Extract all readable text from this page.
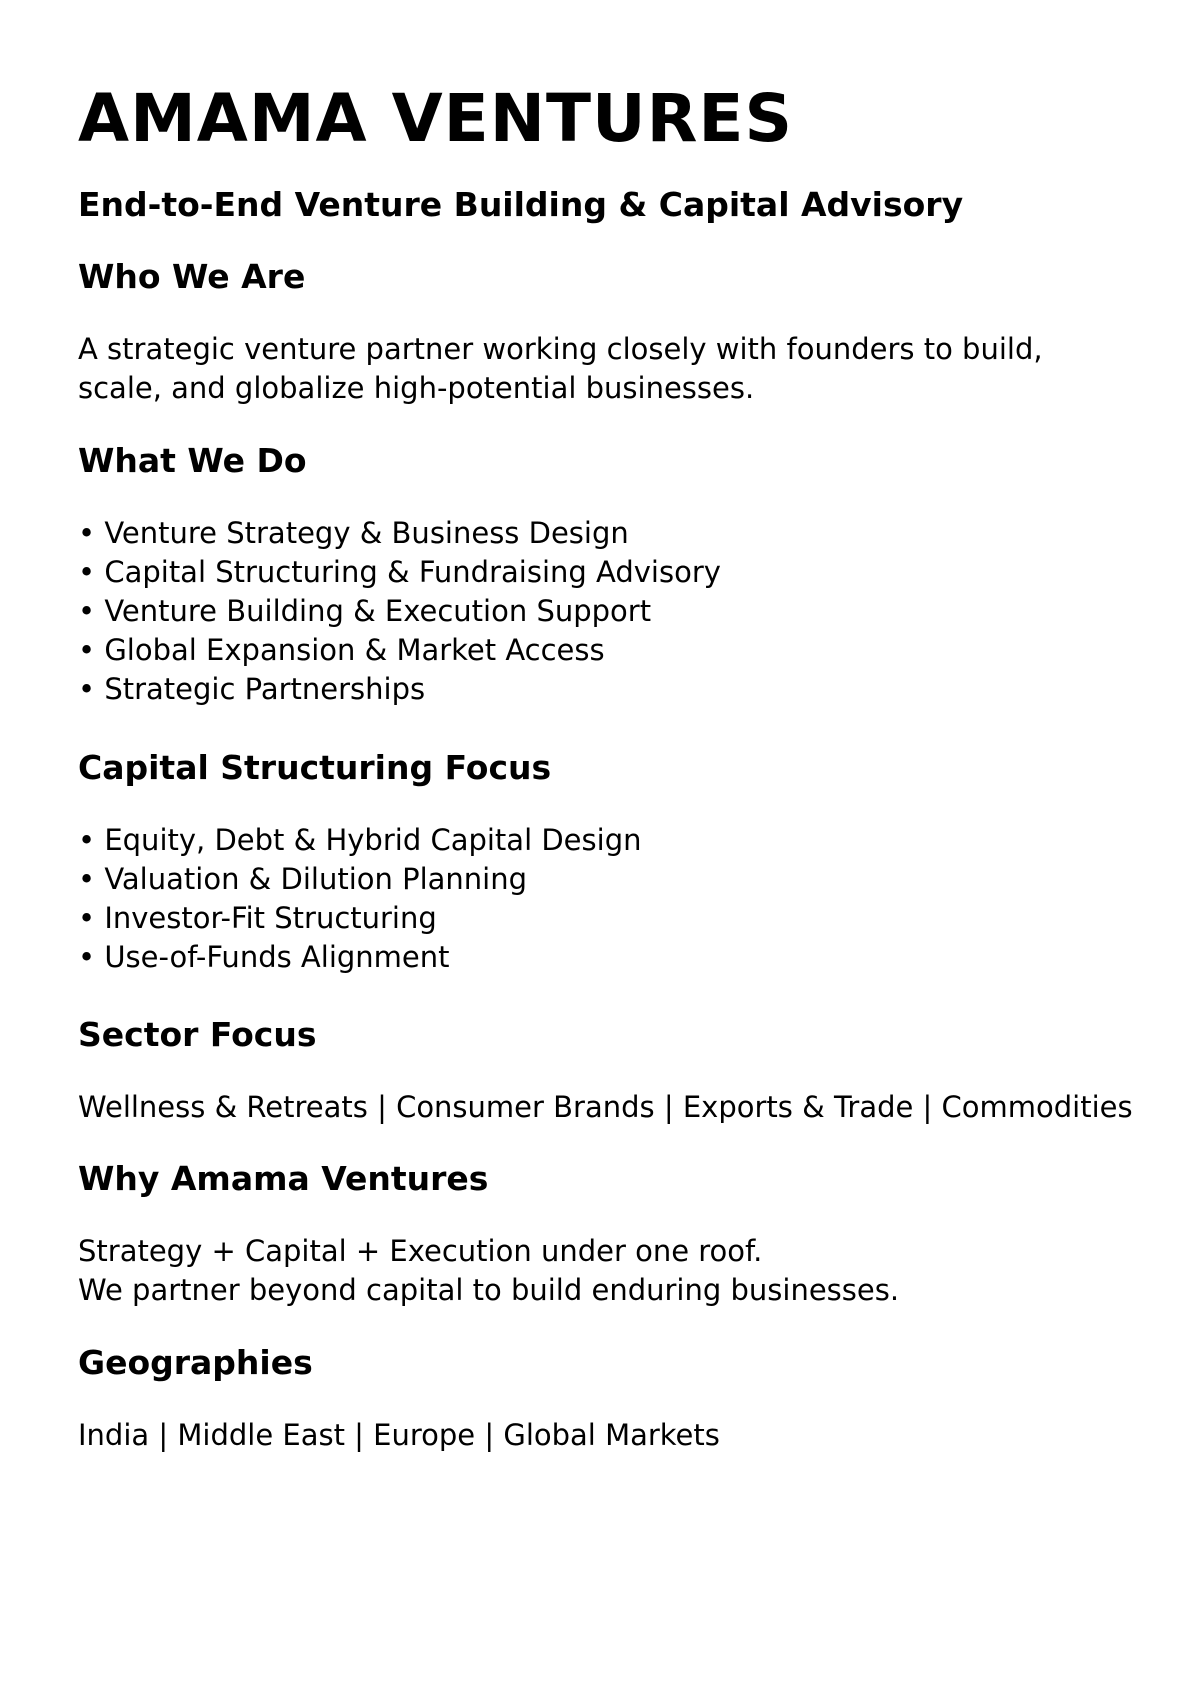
AMAMA VENTURES
End-to-End Venture Building & Capital Advisory
Who We Are

A strategic venture partner working closely with founders to build,
scale, and globalize high-potential businesses.

What We Do
• Venture Strategy & Business Design
• Capital Structuring & Fundraising Advisory
• Venture Building & Execution Support
• Global Expansion & Market Access
• Strategic Partnerships
Capital Structuring Focus
• Equity, Debt & Hybrid Capital Design
• Valuation & Dilution Planning
• Investor-Fit Structuring
• Use-of-Funds Alignment
Sector Focus

Wellness & Retreats | Consumer Brands | Exports & Trade | Commodities

Why Amama Ventures

Strategy + Capital + Execution under one roof.
We partner beyond capital to build enduring businesses.

Geographies

India | Middle East | Europe | Global Markets
